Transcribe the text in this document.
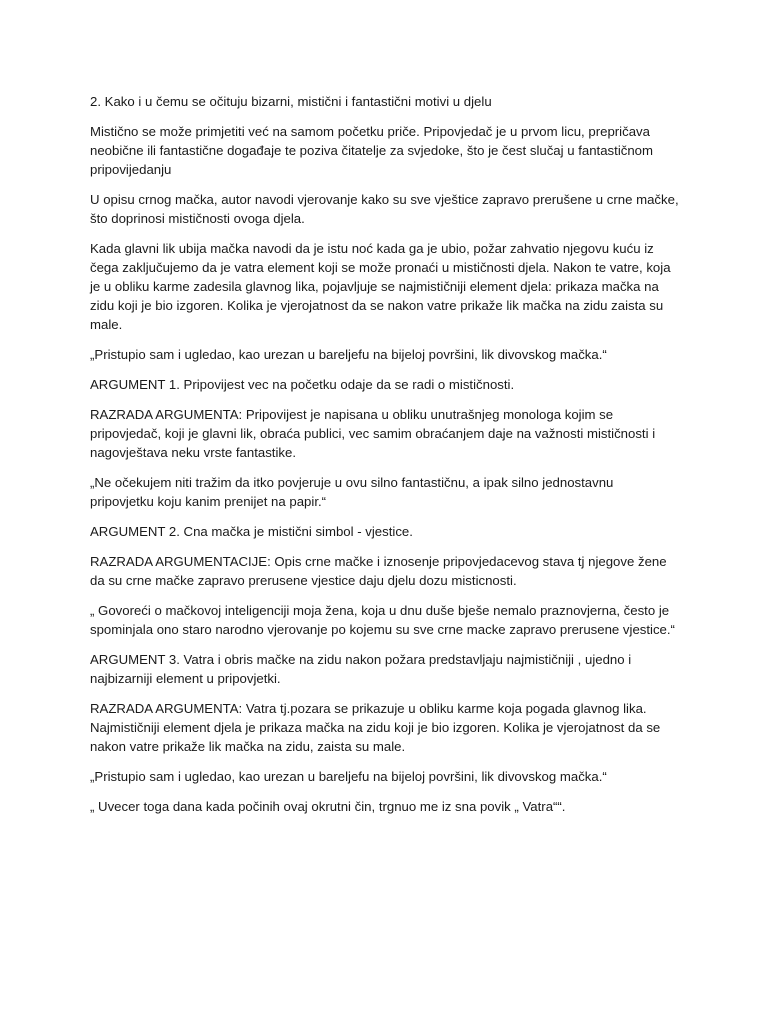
2. Kako i u čemu se očituju bizarni, mistični i fantastični motivi u djelu

Mistično se može primjetiti već na samom početku priče. Pripovjedač je u prvom licu, prepričava neobične ili fantastične događaje te poziva čitatelje za svjedoke, što je čest slučaj u fantastičnom pripovijedanju

U opisu crnog mačka, autor navodi vjerovanje kako su sve vještice zapravo prerušene u crne mačke, što doprinosi mističnosti ovoga djela.

Kada glavni lik ubija mačka navodi da je istu noć kada ga je ubio, požar zahvatio njegovu kuću iz čega zaključujemo da je vatra element koji se može pronaći u mističnosti djela. Nakon te vatre, koja je u obliku karme zadesila glavnog lika, pojavljuje se najmističniji element djela: prikaza mačka na zidu koji je bio izgoren. Kolika je vjerojatnost da se nakon vatre prikaže lik mačka na zidu zaista su male.

„Pristupio sam i ugledao, kao urezan u bareljefu na bijeloj površini, lik divovskog mačka.“

ARGUMENT 1. Pripovijest vec na početku odaje da se radi o mističnosti.

RAZRADA ARGUMENTA: Pripovijest je napisana u obliku unutrašnjeg monologa kojim se pripovjedač, koji je glavni lik, obraća publici, vec samim obraćanjem daje na važnosti mističnosti i nagovještava neku vrste fantastike.

„Ne očekujem niti tražim da itko povjeruje u ovu silno fantastičnu, a ipak silno jednostavnu pripovjetku koju kanim prenijet na papir.“

ARGUMENT 2. Cna mačka je mistični simbol - vjestice.

RAZRADA ARGUMENTACIJE: Opis crne mačke i iznosenje pripovjedacevog stava tj njegove žene da su crne mačke zapravo prerusene vjestice daju djelu dozu misticnosti.

„ Govoreći o mačkovoj inteligenciji moja žena, koja u dnu duše bješe nemalo praznovjerna, često je spominjala ono staro narodno vjerovanje po kojemu su sve crne macke zapravo prerusene vjestice.“

ARGUMENT 3. Vatra i obris mačke na zidu nakon požara predstavljaju najmističniji , ujedno i najbizarniji element u pripovjetki.

RAZRADA ARGUMENTA: Vatra tj.pozara se prikazuje u obliku karme koja pogada glavnog lika. Najmističniji element djela je prikaza mačka na zidu koji je bio izgoren. Kolika je vjerojatnost da se nakon vatre prikaže lik mačka na zidu, zaista su male.

„Pristupio sam i ugledao, kao urezan u bareljefu na bijeloj površini, lik divovskog mačka.“

„ Uvecer toga dana kada počinih ovaj okrutni čin, trgnuo me iz sna povik „ Vatra““.
